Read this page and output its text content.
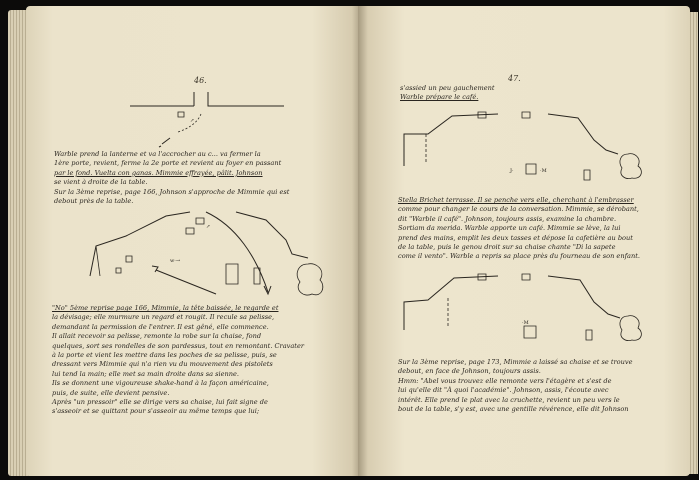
46.
↗
Warble prend la lanterne et va l'accrocher au c... va fermer la
1ère porte, revient, ferme la 2e porte et revient au foyer en passant
par le fond. Vuelta con ganas. Mimmie effrayée, pâlit. Johnson
se vient à droite de la table.
Sur la 3ème reprise, page 166, Johnson s'approche de Mimmie qui est
debout près de la table.
w·→
↗
"No" 5ème reprise page 166, Mimmie, la tête baissée, le regarde et
la dévisage; elle murmure un regard et rougit. Il recule sa pelisse,
demandant la permission de l'entrer. Il est gêné, elle commence.
Il allait recevoir sa pelisse, remonte la robe sur la chaise, fond
quelques, sort ses rondelles de son pardessus, tout en remontant. Cravater
à la porte et vient les mettre dans les poches de sa pelisse, puis, se
dressant vers Mimmie qui n'a rien vu du mouvement des pistolets
lui tend la main; elle met sa main droite dans sa sienne.
Ils se donnent une vigoureuse shake-hand à la façon américaine,
puis, de suite, elle devient pensive.
Après "un pressoir" elle se dirige vers sa chaise, lui fait signe de
s'asseoir et se quittant pour s'asseoir au même temps que lui;
47.
s'assied un peu gauchement
Warble prépare le café.
J·	·M
Stella Brichet terrasse. Il se penche vers elle, cherchant à l'embrasser
comme pour changer le cours de la conversation. Mimmie, se dérobant,
dit "Warble il café". Johnson, toujours assis, examine la chambre.
Sortiam da merida. Warble apporte un café. Mimmie se lève, la lui
prend des mains, emplit les deux tasses et dépose la cafetière au bout
de la table, puis le genou droit sur sa chaise chante "Di la sapete
come il vento". Warble a repris sa place près du fourneau de son enfant.
·M
Sur la 3ème reprise, page 173, Mimmie a laissé sa chaise et se trouve
debout, en face de Johnson, toujours assis.
Hmm: "Abel vous trouvez elle remonte vers l'étagère et s'est de
lui qu'elle dit "À quoi l'académie". Johnson, assis, l'écoute avec
intérêt. Elle prend le plat avec la cruchette, revient un peu vers le
bout de la table, s'y est, avec une gentille révérence, elle dit Johnson
